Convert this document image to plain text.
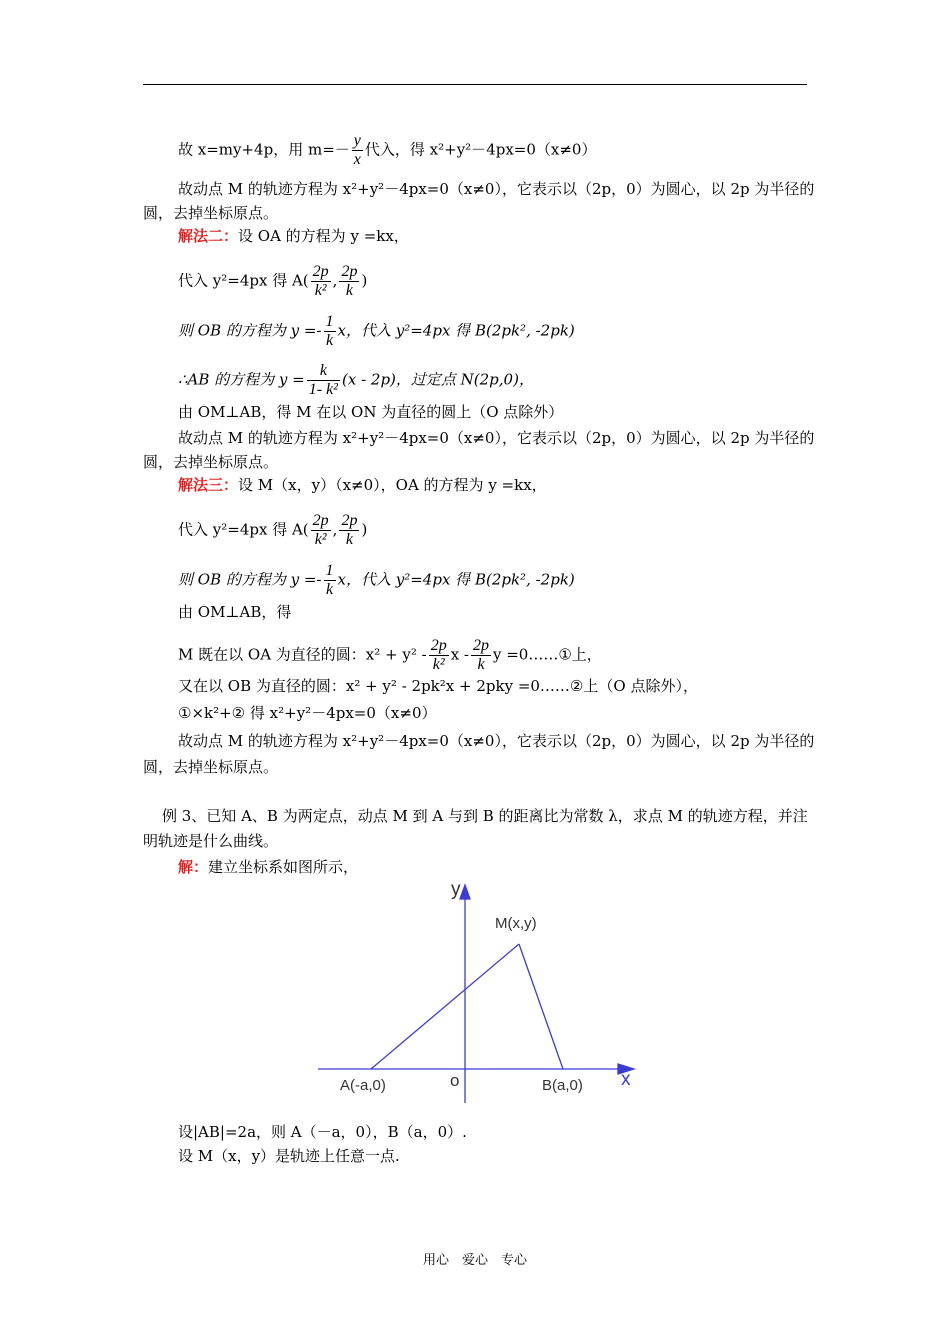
故 x=my+4p，用 $m=- \frac{y}{x}$ 代入，得 x²+y²－4px=0（x≠0）
故动点 M 的轨迹方程为 x²+y²－4px=0（x≠0），它表示以（2p，0）为圆心，以 2p 为半径的
圆，去掉坐标原点。
解法二：设 OA 的方程为 y =kx，
代入 y²=4px 得 $A( \frac{2p}{\text{k²}}$ , $\frac{2p}{k}$ )
则 OB 的方程为 $y =- \frac{1}{k}$ x，代入 y²=4px 得 B(2pk², -2pk)
∴AB 的方程为 $y = \frac{k}{\text{1- k²}} (x - 2p)$，过定点 N(2p,0)，
由 OM⊥AB，得 M 在以 ON 为直径的圆上（O 点除外）
故动点 M 的轨迹方程为 x²+y²－4px=0（x≠0），它表示以（2p，0）为圆心，以 2p 为半径的
圆，去掉坐标原点。
解法三：设 M（x，y）（x≠0），OA 的方程为 y =kx，
代入 y²=4px 得 $A( \frac{2p}{\text{k²}}$ , $\frac{2p}{k}$ )
则 OB 的方程为 $y =- \frac{1}{k}$ x，代入 y²=4px 得 B(2pk², -2pk)
由 OM⊥AB，得
M 既在以 OA 为直径的圆：$x^2 + y^2 - \frac{2p}{\text{k²}}$ x - $\frac{2p}{k}$ y =0……①上，
又在以 OB 为直径的圆：x² + y² - 2pk²x + 2pky =0……②上（O 点除外），
①×k²+② 得 x²+y²－4px=0（x≠0）
故动点 M 的轨迹方程为 x²+y²－4px=0（x≠0），它表示以（2p，0）为圆心，以 2p 为半径的
圆，去掉坐标原点。
例 3、已知 A、B 为两定点，动点 M 到 A 与到 B 的距离比为常数 λ，求点 M 的轨迹方程，并注
明轨迹是什么曲线。
解：建立坐标系如图所示，
y
x
o
M(x,y)
A(-a,0)	B(a,0)
设|AB|=2a，则 A（－a，0），B（a，0）.
设 M（x，y）是轨迹上任意一点.
用心　爱心　专心
